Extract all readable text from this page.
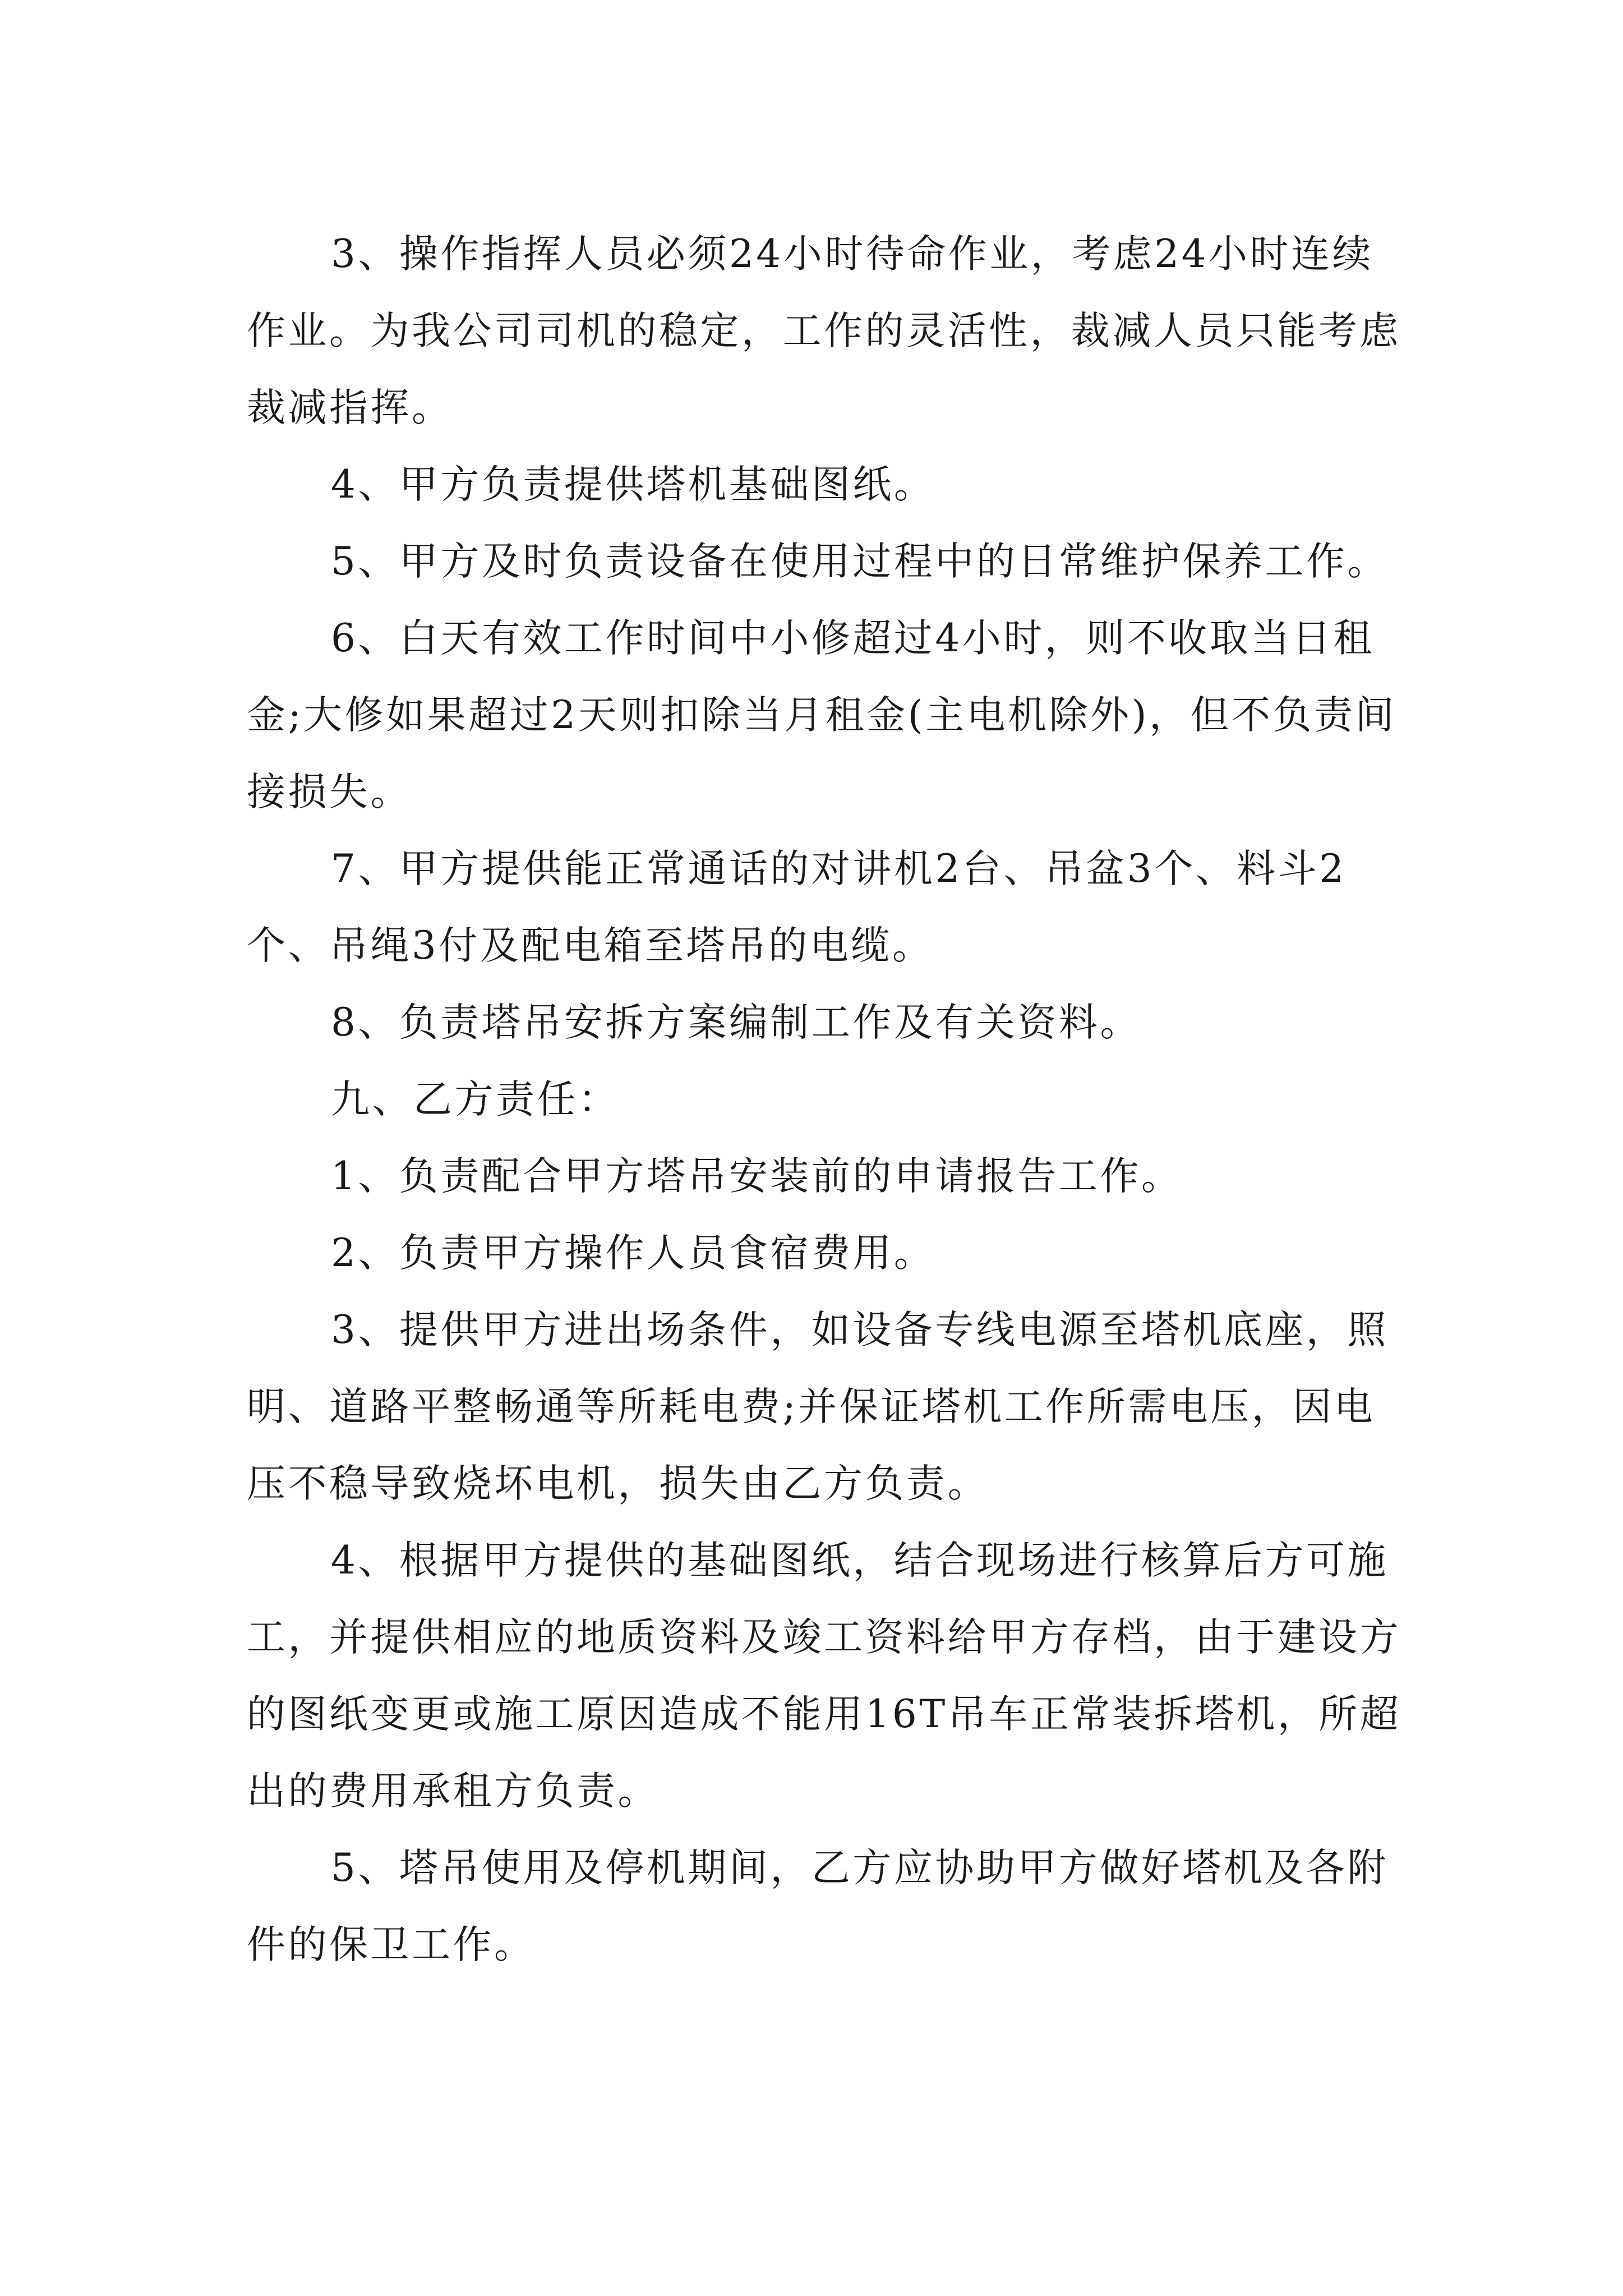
3、操作指挥人员必须24小时待命作业，考虑24小时连续作业。为我公司司机的稳定，工作的灵活性，裁减人员只能考虑裁减指挥。

4、甲方负责提供塔机基础图纸。

5、甲方及时负责设备在使用过程中的日常维护保养工作。

6、白天有效工作时间中小修超过4小时，则不收取当日租金;大修如果超过2天则扣除当月租金(主电机除外)，但不负责间接损失。

7、甲方提供能正常通话的对讲机2台、吊盆3个、料斗2个、吊绳3付及配电箱至塔吊的电缆。

8、负责塔吊安拆方案编制工作及有关资料。

九、乙方责任：

1、负责配合甲方塔吊安装前的申请报告工作。

2、负责甲方操作人员食宿费用。

3、提供甲方进出场条件，如设备专线电源至塔机底座，照明、道路平整畅通等所耗电费;并保证塔机工作所需电压，因电压不稳导致烧坏电机，损失由乙方负责。

4、根据甲方提供的基础图纸，结合现场进行核算后方可施工，并提供相应的地质资料及竣工资料给甲方存档，由于建设方的图纸变更或施工原因造成不能用16T吊车正常装拆塔机，所超出的费用承租方负责。

5、塔吊使用及停机期间，乙方应协助甲方做好塔机及各附件的保卫工作。
